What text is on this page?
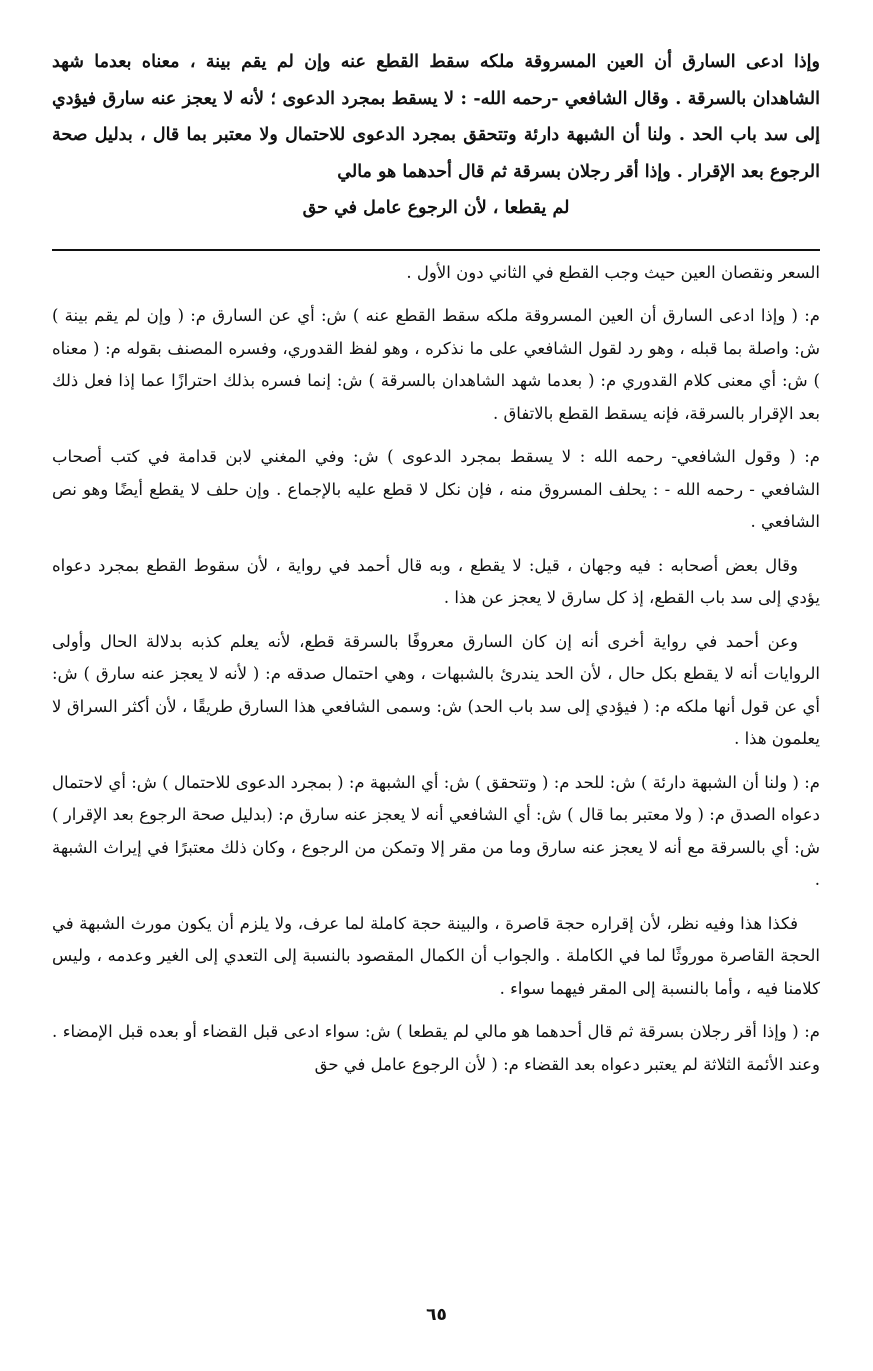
وإذا ادعى السارق أن العين المسروقة ملكه سقط القطع عنه وإن لم يقم بينة ، معناه بعدما شهد الشاهدان بالسرقة . وقال الشافعي -رحمه الله- : لا يسقط بمجرد الدعوى ؛ لأنه لا يعجز عنه سارق فيؤدي إلى سد باب الحد . ولنا أن الشبهة دارئة وتتحقق بمجرد الدعوى للاحتمال ولا معتبر بما قال ، بدليل صحة الرجوع بعد الإقرار . وإذا أقر رجلان بسرقة ثم قال أحدهما هو مالي

لم يقطعا ، لأن الرجوع عامل في حق

السعر ونقصان العين حيث وجب القطع في الثاني دون الأول .

م: ( وإذا ادعى السارق أن العين المسروقة ملكه سقط القطع عنه ) ش: أي عن السارق م: ( وإن لم يقم بينة ) ش: واصلة بما قبله ، وهو رد لقول الشافعي على ما نذكره ، وهو لفظ القدوري، وفسره المصنف بقوله م: ( معناه ) ش: أي معنى كلام القدوري م: ( بعدما شهد الشاهدان بالسرقة ) ش: إنما فسره بذلك احترازًا عما إذا فعل ذلك بعد الإقرار بالسرقة، فإنه يسقط القطع بالاتفاق .

م: ( وقول الشافعي- رحمه الله : لا يسقط بمجرد الدعوى ) ش: وفي المغني لابن قدامة في كتب أصحاب الشافعي - رحمه الله - : يحلف المسروق منه ، فإن نكل لا قطع عليه بالإجماع . وإن حلف لا يقطع أيضًا وهو نص الشافعي .

وقال بعض أصحابه : فيه وجهان ، قيل: لا يقطع ، وبه قال أحمد في رواية ، لأن سقوط القطع بمجرد دعواه يؤدي إلى سد باب القطع، إذ كل سارق لا يعجز عن هذا .

وعن أحمد في رواية أخرى أنه إن كان السارق معروفًا بالسرقة قطع، لأنه يعلم كذبه بدلالة الحال وأولى الروايات أنه لا يقطع بكل حال ، لأن الحد يندرئ بالشبهات ، وهي احتمال صدقه م: ( لأنه لا يعجز عنه سارق ) ش: أي عن قول أنها ملكه م: ( فيؤدي إلى سد باب الحد) ش: وسمى الشافعي هذا السارق طريقًا ، لأن أكثر السراق لا يعلمون هذا .

م: ( ولنا أن الشبهة دارئة ) ش: للحد م: ( وتتحقق ) ش: أي الشبهة م: ( بمجرد الدعوى للاحتمال ) ش: أي لاحتمال دعواه الصدق م: ( ولا معتبر بما قال ) ش: أي الشافعي أنه لا يعجز عنه سارق م: (بدليل صحة الرجوع بعد الإقرار ) ش: أي بالسرقة مع أنه لا يعجز عنه سارق وما من مقر إلا وتمكن من الرجوع ، وكان ذلك معتبرًا في إيراث الشبهة .

فكذا هذا وفيه نظر، لأن إقراره حجة قاصرة ، والبينة حجة كاملة لما عرف، ولا يلزم أن يكون مورث الشبهة في الحجة القاصرة موروثًا لما في الكاملة . والجواب أن الكمال المقصود بالنسبة إلى التعدي إلى الغير وعدمه ، وليس كلامنا فيه ، وأما بالنسبة إلى المقر فيهما سواء .

م: ( وإذا أقر رجلان بسرقة ثم قال أحدهما هو مالي لم يقطعا ) ش: سواء ادعى قبل القضاء أو بعده قبل الإمضاء . وعند الأئمة الثلاثة لم يعتبر دعواه بعد القضاء م: ( لأن الرجوع عامل في حق

٦٥
